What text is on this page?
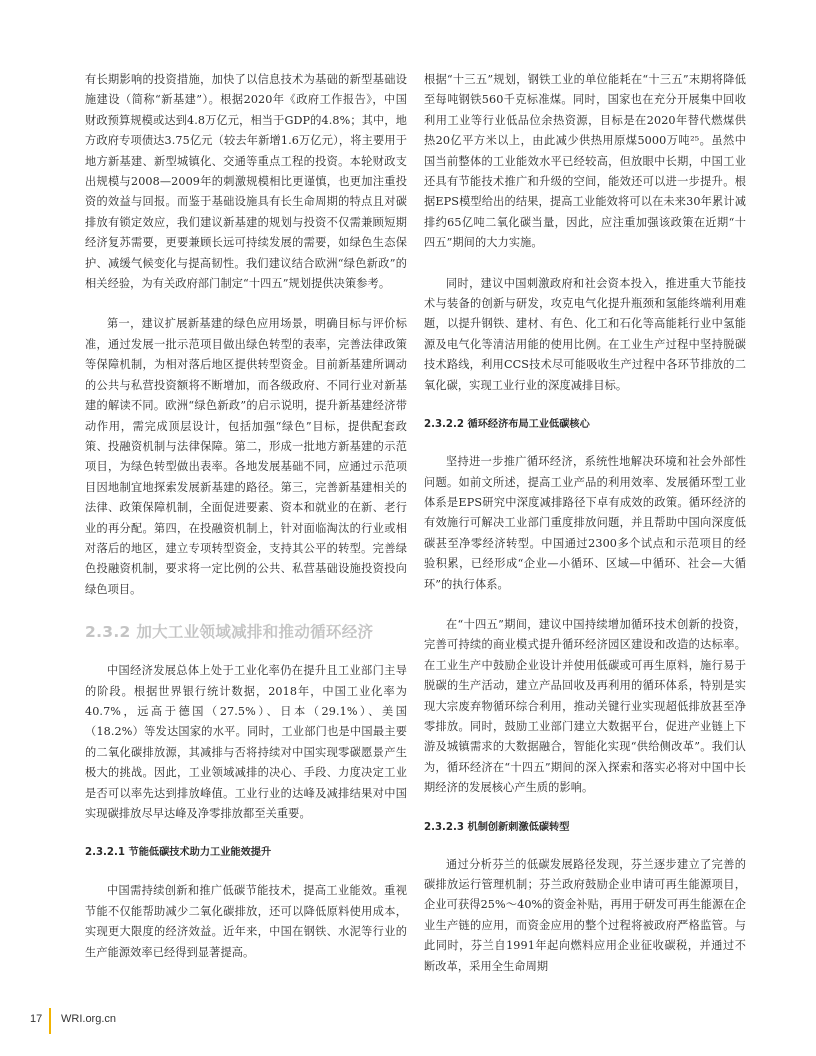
有长期影响的投资措施，加快了以信息技术为基础的新型基础设施建设（简称“新基建”）。根据2020年《政府工作报告》，中国财政预算规模或达到4.8万亿元，相当于GDP的4.8%；其中，地方政府专项债达3.75亿元（较去年新增1.6万亿元），将主要用于地方新基建、新型城镇化、交通等重点工程的投资。本轮财政支出规模与2008—2009年的刺激规模相比更谨慎，也更加注重投资的效益与回报。而鉴于基础设施具有长生命周期的特点且对碳排放有锁定效应，我们建议新基建的规划与投资不仅需兼顾短期经济复苏需要，更要兼顾长远可持续发展的需要，如绿色生态保护、减缓气候变化与提高韧性。我们建议结合欧洲“绿色新政”的相关经验，为有关政府部门制定“十四五”规划提供决策参考。

第一，建议扩展新基建的绿色应用场景，明确目标与评价标准，通过发展一批示范项目做出绿色转型的表率，完善法律政策等保障机制，为相对落后地区提供转型资金。目前新基建所调动的公共与私营投资额将不断增加，而各级政府、不同行业对新基建的解读不同。欧洲“绿色新政”的启示说明，提升新基建经济带动作用，需完成顶层设计，包括加强“绿色”目标，提供配套政策、投融资机制与法律保障。第二，形成一批地方新基建的示范项目，为绿色转型做出表率。各地发展基础不同，应通过示范项目因地制宜地探索发展新基建的路径。第三，完善新基建相关的法律、政策保障机制，全面促进要素、资本和就业的在新、老行业的再分配。第四，在投融资机制上，针对面临淘汰的行业或相对落后的地区，建立专项转型资金，支持其公平的转型。完善绿色投融资机制，要求将一定比例的公共、私营基础设施投资投向绿色项目。

2.3.2 加大工业领域减排和推动循环经济

中国经济发展总体上处于工业化率仍在提升且工业部门主导的阶段。根据世界银行统计数据，2018年，中国工业化率为40.7%，远高于德国（27.5%）、日本（29.1%）、美国（18.2%）等发达国家的水平。同时，工业部门也是中国最主要的二氧化碳排放源，其减排与否将持续对中国实现零碳愿景产生极大的挑战。因此，工业领域减排的决心、手段、力度决定工业是否可以率先达到排放峰值。工业行业的达峰及减排结果对中国实现碳排放尽早达峰及净零排放都至关重要。

2.3.2.1 节能低碳技术助力工业能效提升

中国需持续创新和推广低碳节能技术，提高工业能效。重视节能不仅能帮助减少二氧化碳排放，还可以降低原料使用成本，实现更大限度的经济效益。近年来，中国在钢铁、水泥等行业的生产能源效率已经得到显著提高。

根据“十三五”规划，钢铁工业的单位能耗在“十三五”末期将降低至每吨钢铁560千克标准煤。同时，国家也在充分开展集中回收利用工业等行业低品位余热资源，目标是在2020年替代燃煤供热20亿平方米以上，由此减少供热用原煤5000万吨²⁵。虽然中国当前整体的工业能效水平已经较高，但放眼中长期，中国工业还具有节能技术推广和升级的空间，能效还可以进一步提升。根据EPS模型给出的结果，提高工业能效将可以在未来30年累计减排约65亿吨二氧化碳当量，因此，应注重加强该政策在近期“十四五”期间的大力实施。

同时，建议中国刺激政府和社会资本投入，推进重大节能技术与装备的创新与研发，攻克电气化提升瓶颈和氢能终端利用难题，以提升钢铁、建材、有色、化工和石化等高能耗行业中氢能源及电气化等清洁用能的使用比例。在工业生产过程中坚持脱碳技术路线，利用CCS技术尽可能吸收生产过程中各环节排放的二氧化碳，实现工业行业的深度减排目标。

2.3.2.2 循环经济布局工业低碳核心

坚持进一步推广循环经济，系统性地解决环境和社会外部性问题。如前文所述，提高工业产品的利用效率、发展循环型工业体系是EPS研究中深度减排路径下卓有成效的政策。循环经济的有效施行可解决工业部门重度排放问题，并且帮助中国向深度低碳甚至净零经济转型。中国通过2300多个试点和示范项目的经验积累，已经形成“企业—小循环、区域—中循环、社会—大循环”的执行体系。

在“十四五”期间，建议中国持续增加循环技术创新的投资，完善可持续的商业模式提升循环经济园区建设和改造的达标率。在工业生产中鼓励企业设计并使用低碳或可再生原料，施行易于脱碳的生产活动，建立产品回收及再利用的循环体系，特别是实现大宗废弃物循环综合利用，推动关键行业实现超低排放甚至净零排放。同时，鼓励工业部门建立大数据平台，促进产业链上下游及城镇需求的大数据融合，智能化实现“供给侧改革”。我们认为，循环经济在“十四五”期间的深入探索和落实必将对中国中长期经济的发展核心产生质的影响。

2.3.2.3 机制创新刺激低碳转型

通过分析芬兰的低碳发展路径发现，芬兰逐步建立了完善的碳排放运行管理机制；芬兰政府鼓励企业申请可再生能源项目，企业可获得25%～40%的资金补贴，再用于研发可再生能源在企业生产链的应用，而资金应用的整个过程将被政府严格监管。与此同时，芬兰自1991年起向燃料应用企业征收碳税，并通过不断改革，采用全生命周期

17 WRI.org.cn
